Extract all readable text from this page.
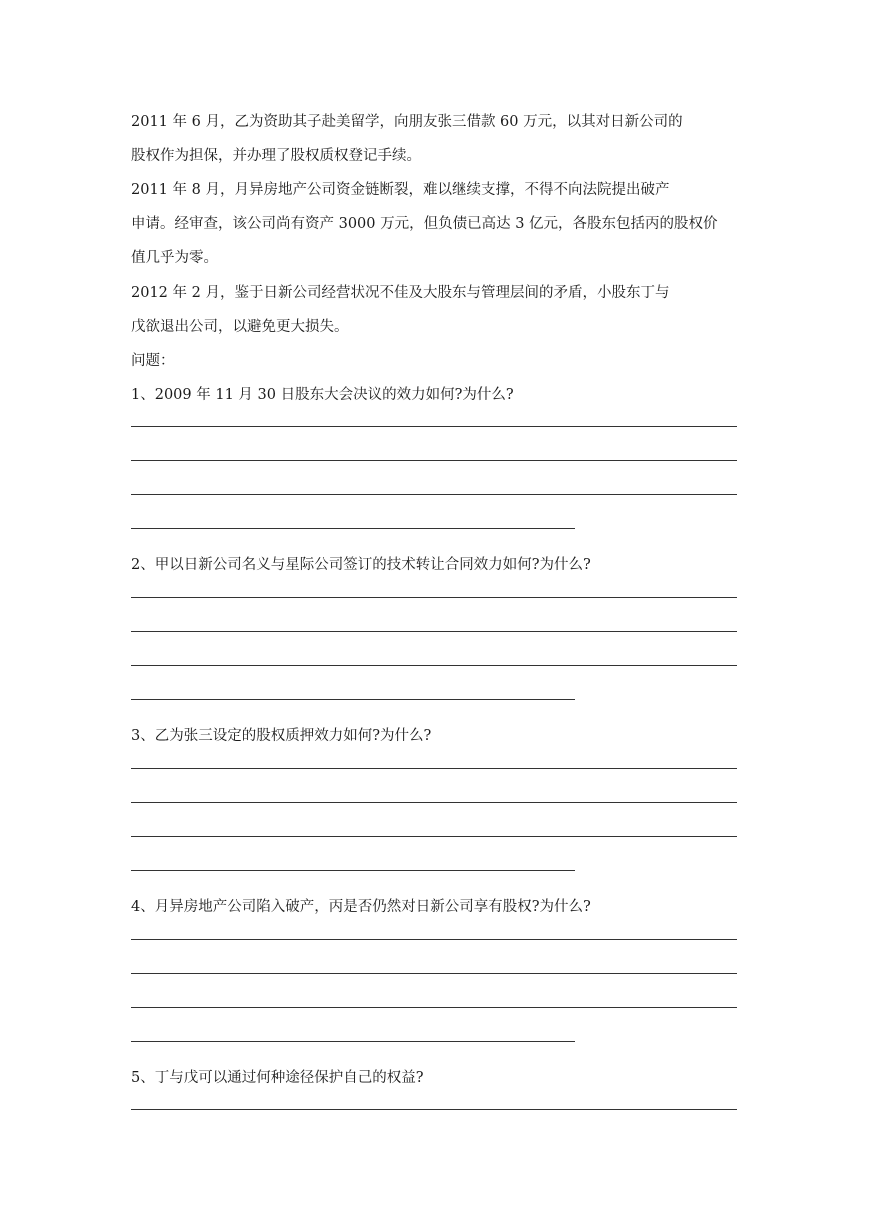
2011 年 6 月，乙为资助其子赴美留学，向朋友张三借款 60 万元，以其对日新公司的
股权作为担保，并办理了股权质权登记手续。
2011 年 8 月，月异房地产公司资金链断裂，难以继续支撑，不得不向法院提出破产
申请。经审查，该公司尚有资产 3000 万元，但负债已高达 3 亿元，各股东包括丙的股权价
值几乎为零。
2012 年 2 月，鉴于日新公司经营状况不佳及大股东与管理层间的矛盾，小股东丁与
戊欲退出公司，以避免更大损失。
问题：
1、2009 年 11 月 30 日股东大会决议的效力如何?为什么?
2、甲以日新公司名义与星际公司签订的技术转让合同效力如何?为什么?
3、乙为张三设定的股权质押效力如何?为什么?
4、月异房地产公司陷入破产，丙是否仍然对日新公司享有股权?为什么?
5、丁与戊可以通过何种途径保护自己的权益?
